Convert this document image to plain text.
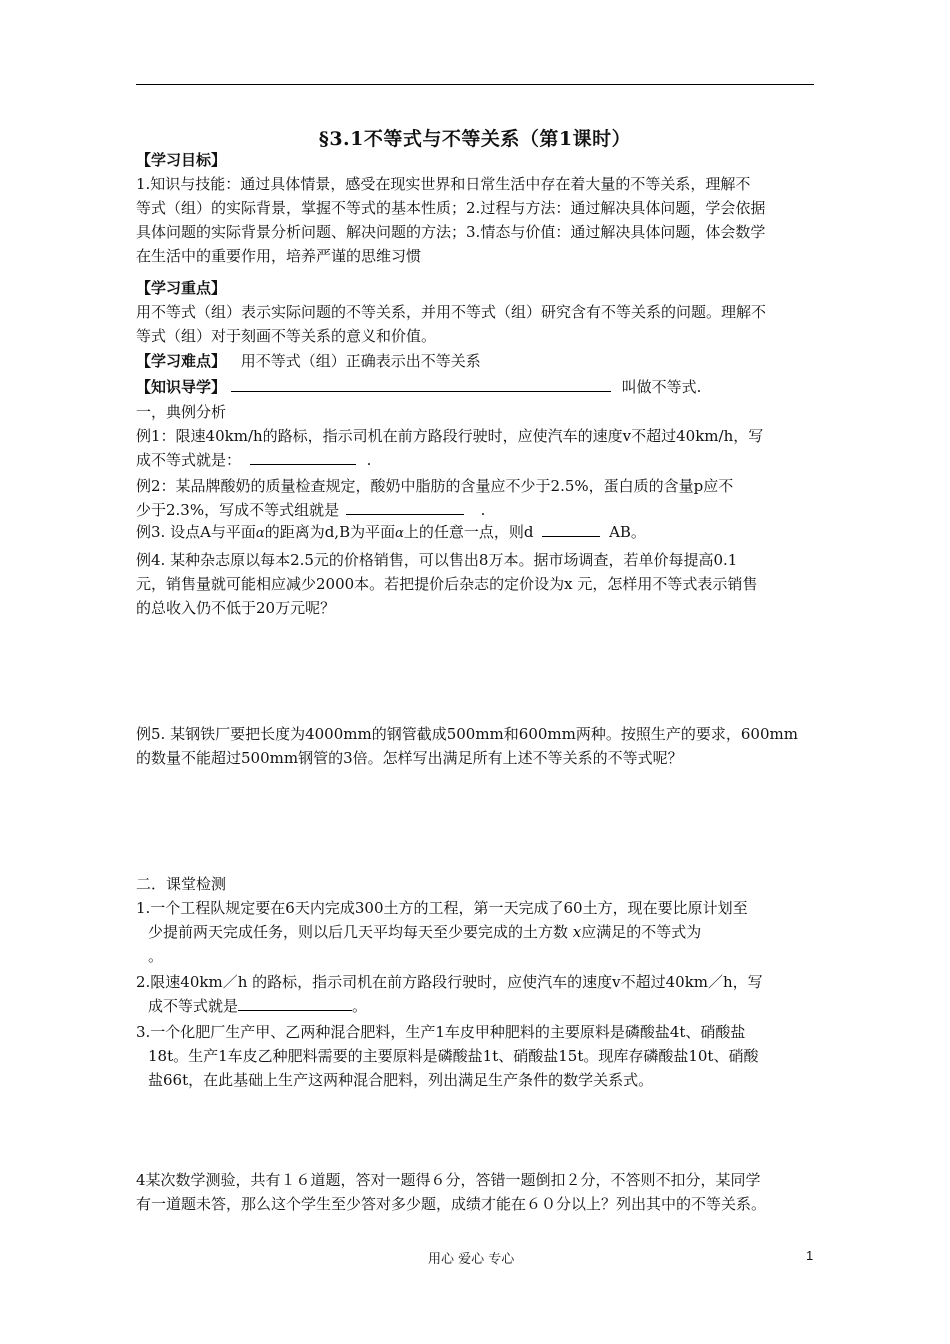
§3.1不等式与不等关系（第1课时）
【学习目标】
1.知识与技能：通过具体情景，感受在现实世界和日常生活中存在着大量的不等关系，理解不
等式（组）的实际背景，掌握不等式的基本性质；2.过程与方法：通过解决具体问题，学会依据
具体问题的实际背景分析问题、解决问题的方法；3.情态与价值：通过解决具体问题，体会数学
在生活中的重要作用，培养严谨的思维习惯
【学习重点】
用不等式（组）表示实际问题的不等关系，并用不等式（组）研究含有不等关系的问题。理解不
等式（组）对于刻画不等关系的意义和价值。
【学习难点】 用不等式（组）正确表示出不等关系
【知识导学】	叫做不等式.
一，典例分析
例1：限速40km/h的路标，指示司机在前方路段行驶时，应使汽车的速度v不超过40km/h，写
成不等式就是：	.
例2：某品牌酸奶的质量检查规定，酸奶中脂肪的含量应不少于2.5%，蛋白质的含量p应不
少于2.3%，写成不等式组就是	.
例3. 设点A与平面α的距离为d,B为平面α上的任意一点，则d	AB。
例4. 某种杂志原以每本2.5元的价格销售，可以售出8万本。据市场调查，若单价每提高0.1
元，销售量就可能相应减少2000本。若把提价后杂志的定价设为x 元，怎样用不等式表示销售
的总收入仍不低于20万元呢？
例5. 某钢铁厂要把长度为4000mm的钢管截成500mm和600mm两种。按照生产的要求，600mm
的数量不能超过500mm钢管的3倍。怎样写出满足所有上述不等关系的不等式呢？
二．课堂检测
1.一个工程队规定要在6天内完成300土方的工程，第一天完成了60土方，现在要比原计划至
少提前两天完成任务，则以后几天平均每天至少要完成的土方数 x应满足的不等式为
。
2.限速40km／h 的路标，指示司机在前方路段行驶时，应使汽车的速度v不超过40km／h，写
成不等式就是	。
3.一个化肥厂生产甲、乙两种混合肥料，生产1车皮甲种肥料的主要原料是磷酸盐4t、硝酸盐
18t。生产1车皮乙种肥料需要的主要原料是磷酸盐1t、硝酸盐15t。现库存磷酸盐10t、硝酸
盐66t，在此基础上生产这两种混合肥料，列出满足生产条件的数学关系式。
4某次数学测验，共有１６道题，答对一题得６分，答错一题倒扣２分，不答则不扣分，某同学
有一道题未答，那么这个学生至少答对多少题，成绩才能在６０分以上？列出其中的不等关系。
用心 爱心 专心	1
